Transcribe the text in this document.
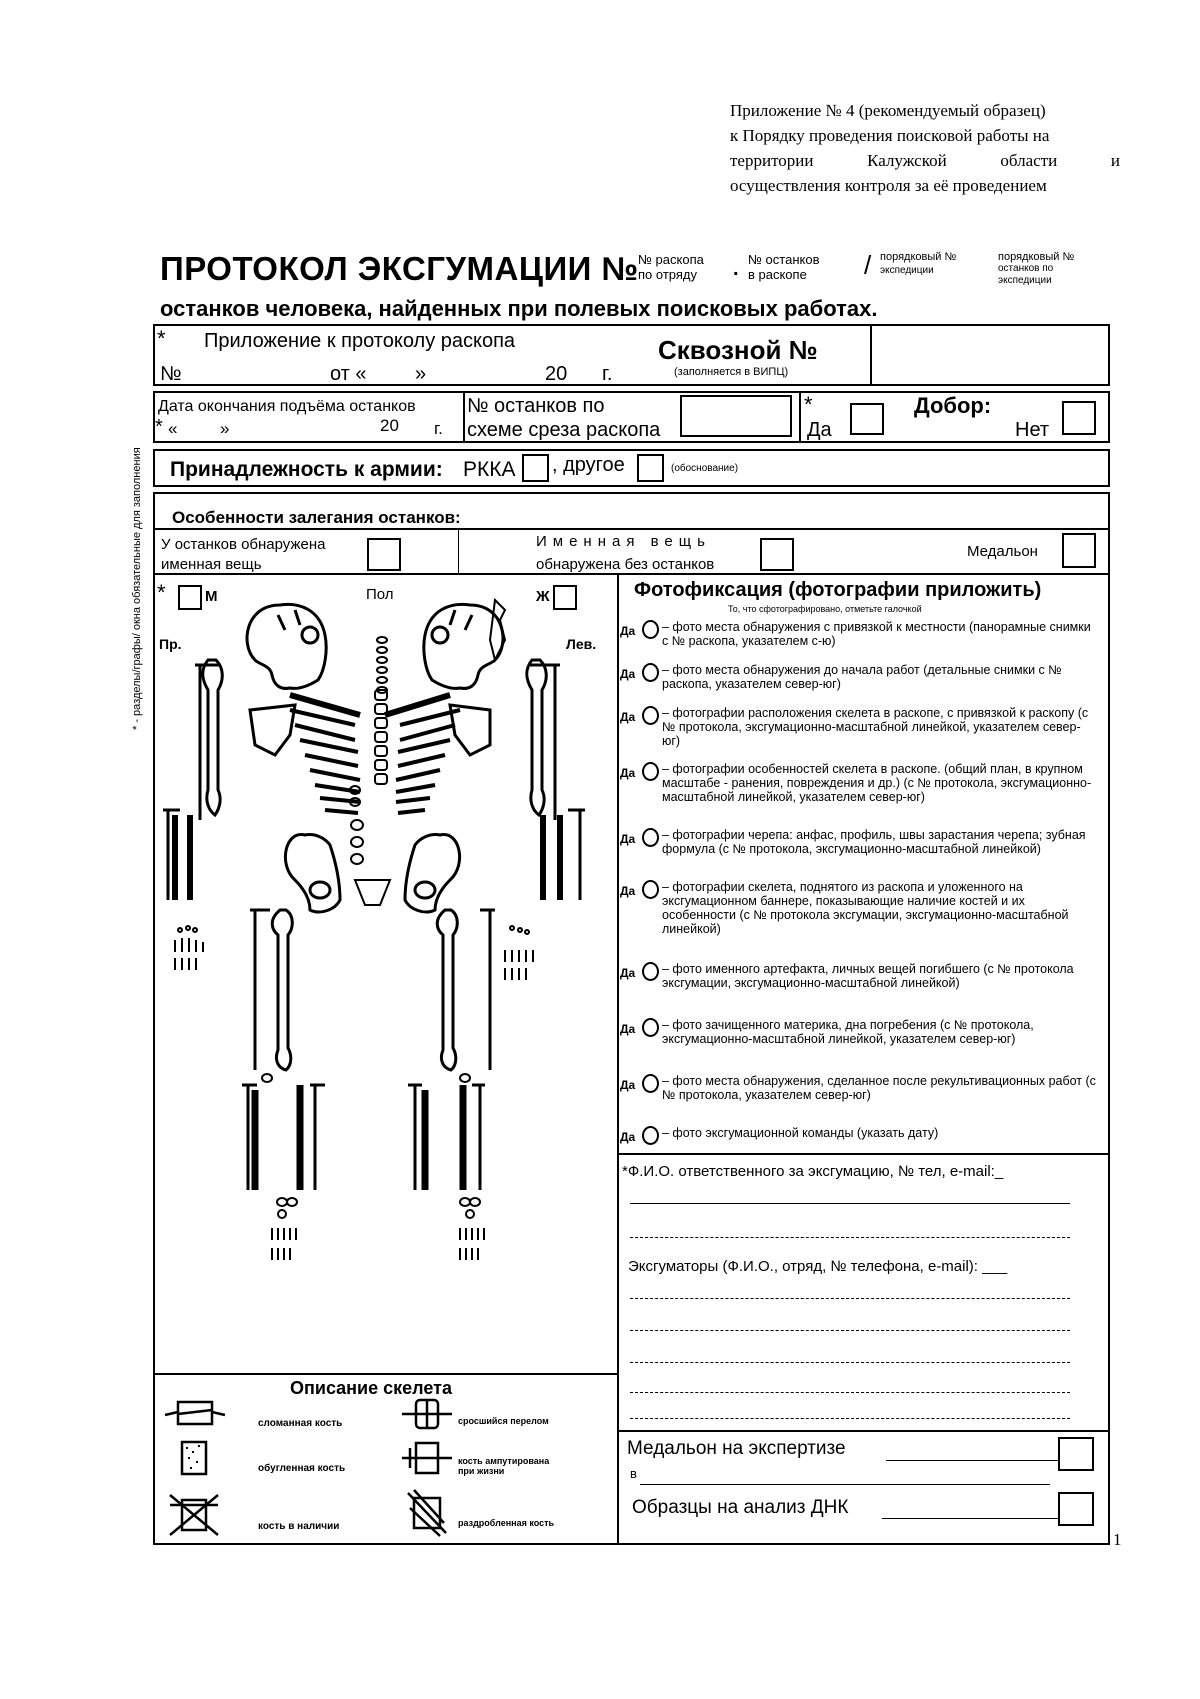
Приложение № 4 (рекомендуемый образец)
к Порядку проведения поисковой работы на
территории Калужской области и
осуществления контроля за её проведением
ПРОТОКОЛ ЭКСГУМАЦИИ № № раскопа
по отряду	. № останков
в раскопе	/ порядковый №
экспедиции
порядковый №
останков по
экспедиции
останков человека, найденных при полевых поисковых работах.
* - разделы/графы/ окна обязательные для заполнения
* Приложение к протоколу раскопа
№	от « »	20 г.
Сквозной №
(заполняется в ВИПЦ)
Дата окончания подъёма останков
* «	»	20 г.
№ останков по
схеме среза раскопа
*
Да
Добор:
Нет
Принадлежность к армии: РККА , другое	(обоснование)
Особенности залегания останков:
У останков обнаружена
именная вещь
Именная вещь
обнаружена без останков
Медальон
*	М	Пол	Ж
Пр.	Лев.
Описание скелета
сломанная кость
обугленная кость
кость в наличии
сросшийся перелом
кость ампутирована при жизни
раздробленная кость
Фотофиксация (фотографии приложить)
То, что сфотографировано, отметьте галочкой
Да – фото места обнаружения с привязкой к местности (панорамные снимки с № раскопа, указателем с-ю)
Да – фото места обнаружения до начала работ (детальные снимки с № раскопа, указателем север-юг)
Да – фотографии расположения скелета в раскопе, с привязкой к раскопу (с № протокола, эксгумационно-масштабной линейкой, указателем север-юг)
Да – фотографии особенностей скелета в раскопе. (общий план, в крупном масштабе - ранения, повреждения и др.) (с № протокола, эксгумационно-масштабной линейкой, указателем север-юг)
Да – фотографии черепа: анфас, профиль, швы зарастания черепа; зубная формула (с № протокола, эксгумационно-масштабной линейкой)
Да – фотографии скелета, поднятого из раскопа и уложенного на эксгумационном баннере, показывающие наличие костей и их особенности (с № протокола эксгумации, эксгумационно-масштабной линейкой)
Да – фото именного артефакта, личных вещей погибшего (с № протокола эксгумации, эксгумационно-масштабной линейкой)
Да – фото зачищенного материка, дна погребения (с № протокола, эксгумационно-масштабной линейкой, указателем север-юг)
Да – фото места обнаружения, сделанное после рекультивационных работ (с № протокола, указателем север-юг)
Да – фото эксгумационной команды (указать дату)
*Ф.И.О. ответственного за эксгумацию, № тел, e-mail:_
Эксгуматоры (Ф.И.О., отряд, № телефона, e-mail): ___
Медальон на экспертизе
в
Образцы на анализ ДНК
1
